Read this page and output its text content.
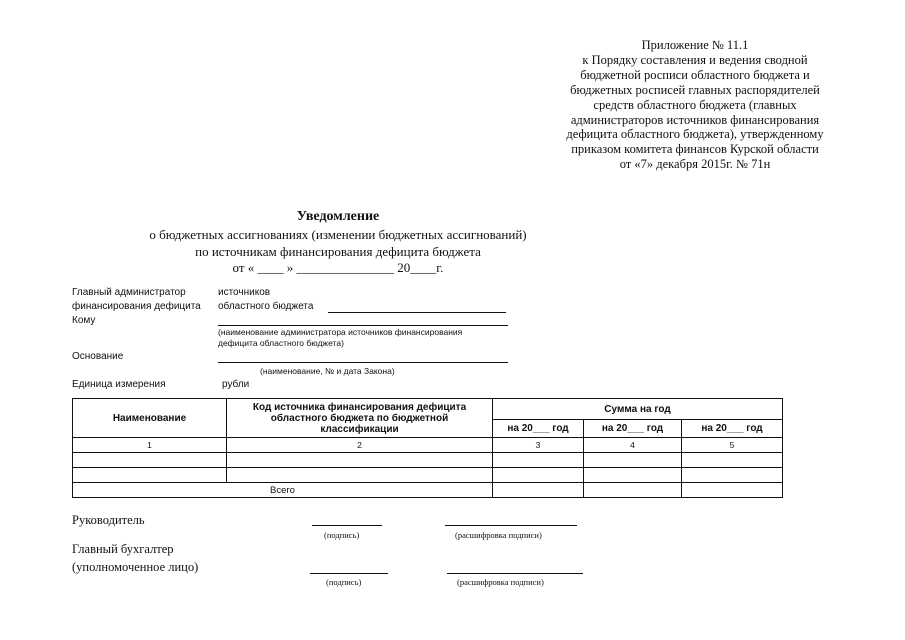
Приложение № 11.1
к Порядку составления и ведения сводной
бюджетной росписи областного бюджета и
бюджетных росписей главных распорядителей
средств областного бюджета (главных
администраторов источников финансирования
дефицита областного бюджета), утвержденному
приказом комитета финансов Курской области
от «7» декабря 2015г. № 71н
Уведомление
о бюджетных ассигнованиях (изменении бюджетных ассигнований)
по источникам финансирования дефицита бюджета
от « ____ » _______________ 20____г.
Главный администратор	источников
финансирования дефицита областного бюджета
Кому
(наименование администратора источников финансирования
дефицита областного бюджета)
Основание
(наименование, № и дата Закона)
Единица измерения	рубли
Наименование	Код источника финансирования дефицита областного бюджета по бюджетной классификации	Сумма на год		
		на 20___ год	на 20___ год	на 20___ год
1	2	3	4	5

Всего				
Руководитель
(подпись)	(расшифровка подписи)
Главный бухгалтер
(уполномоченное лицо)
(подпись)	(расшифровка подписи)
